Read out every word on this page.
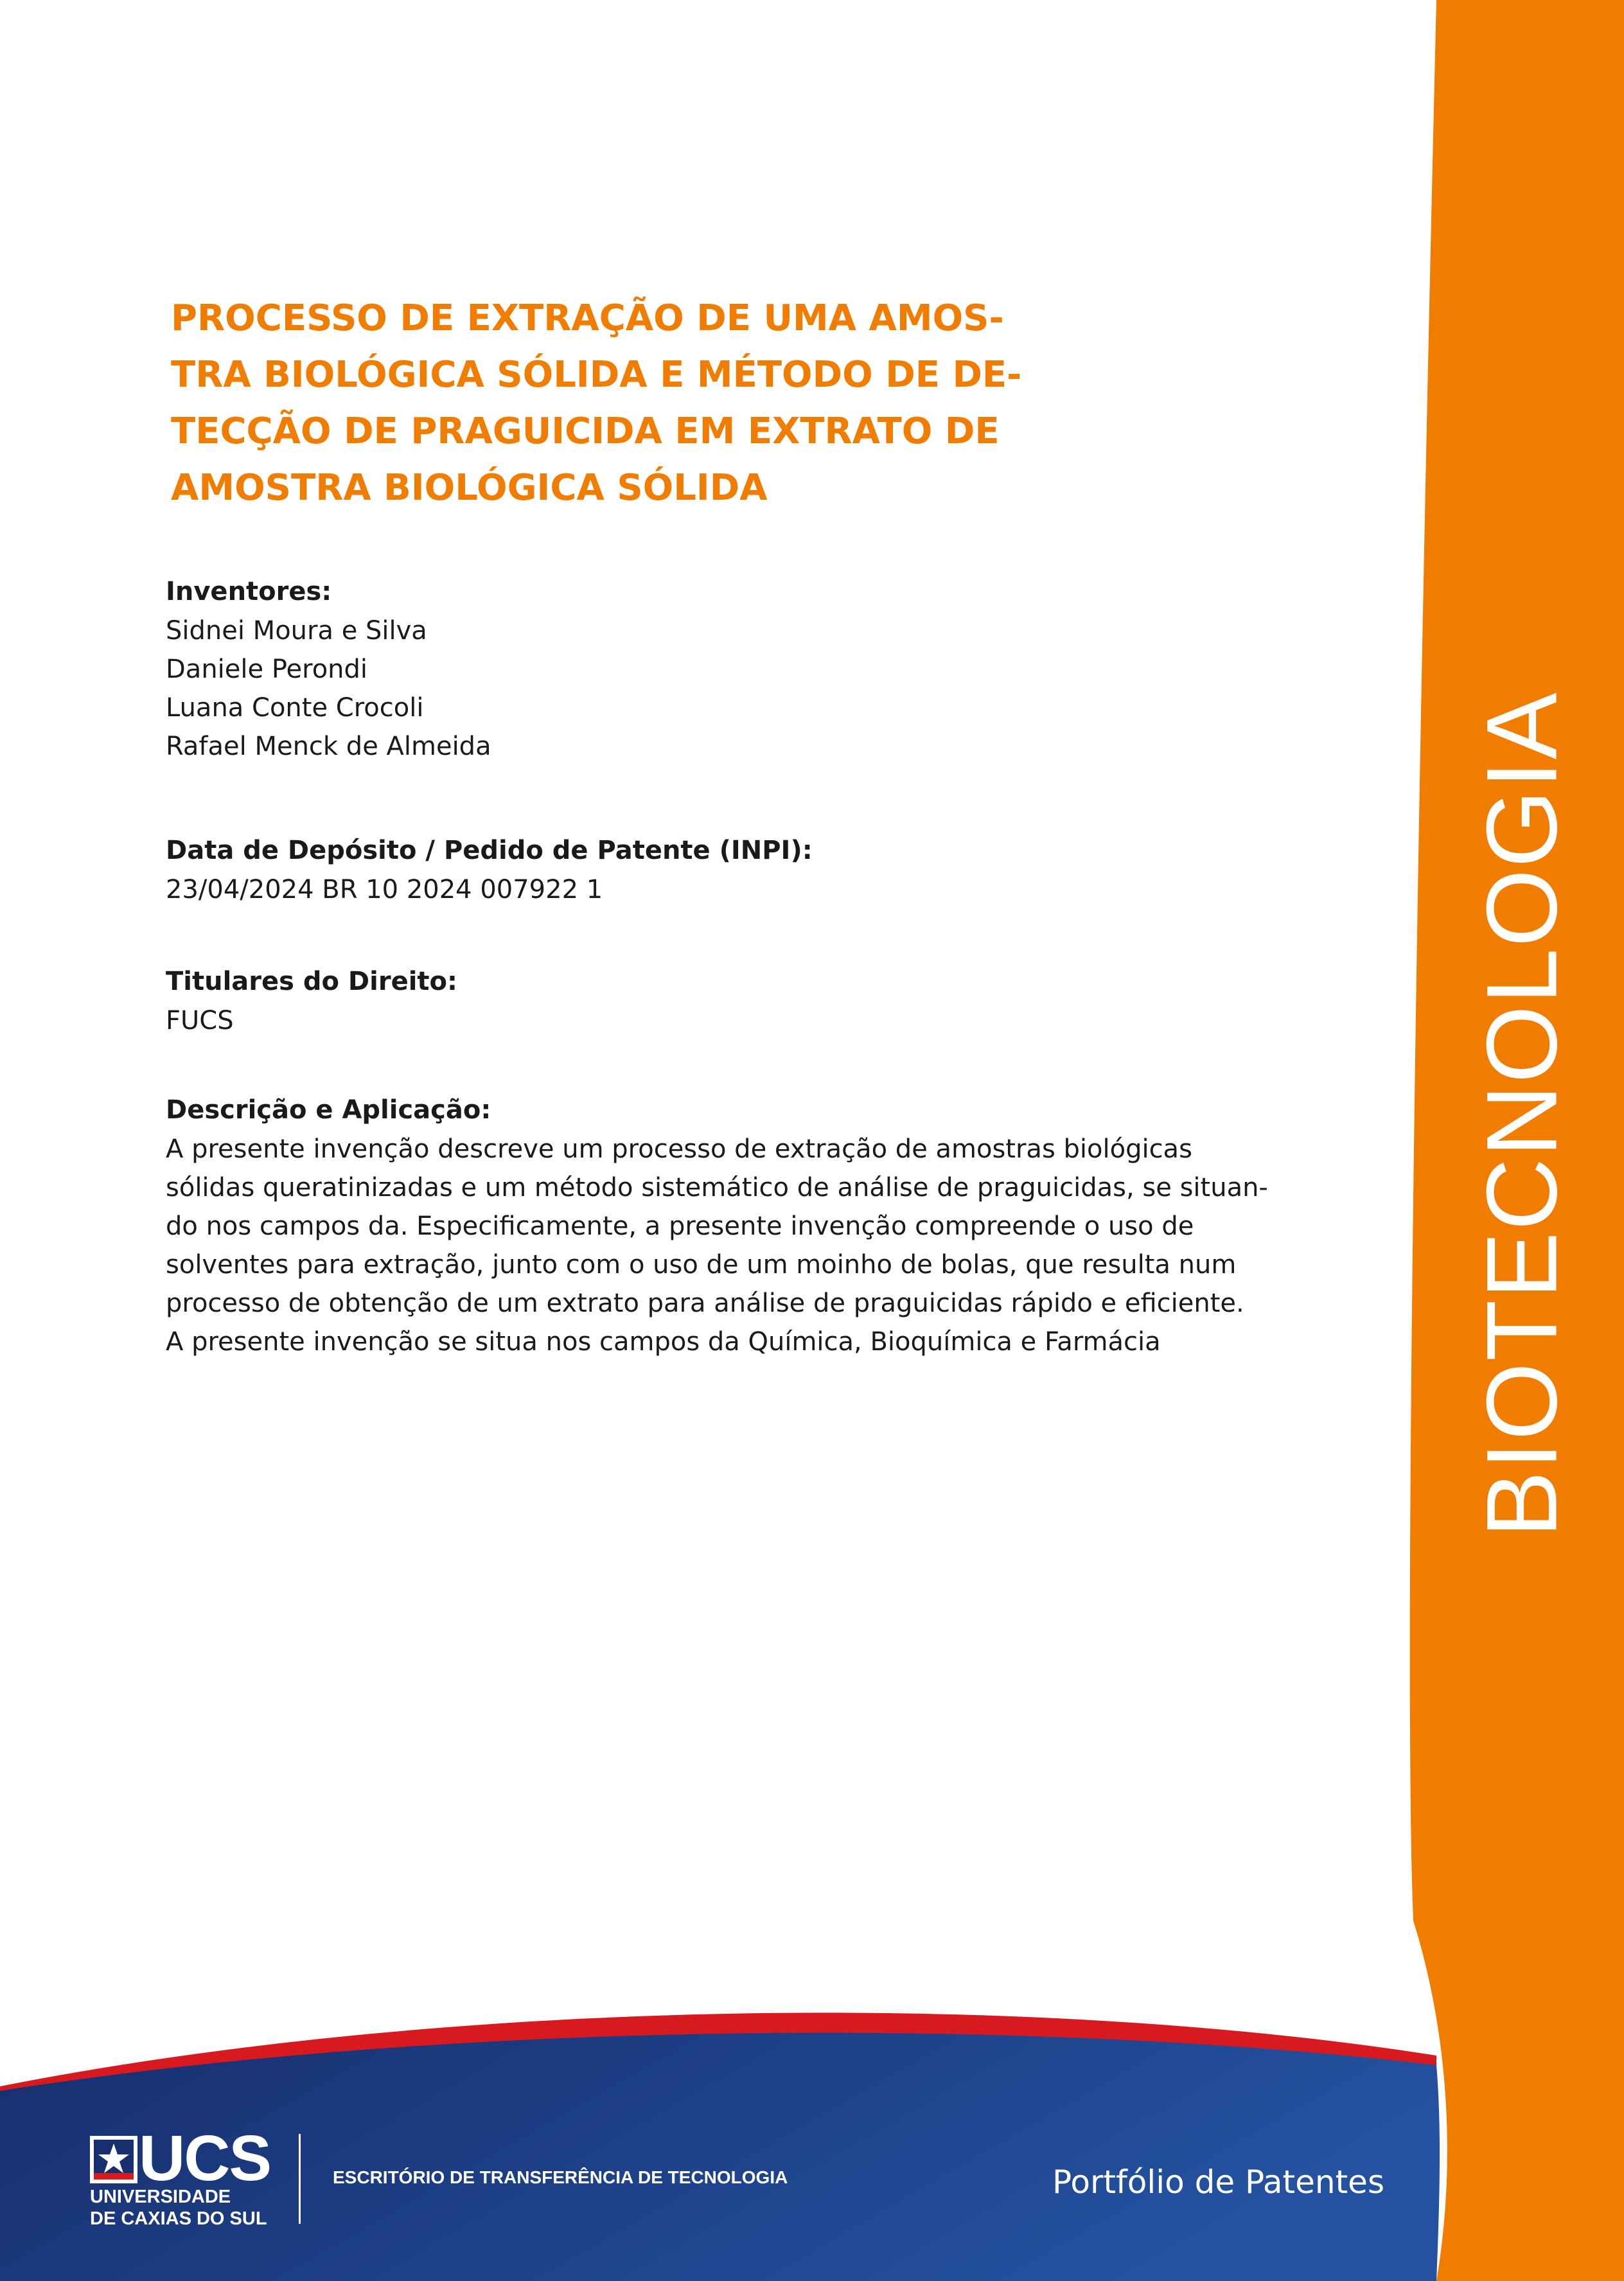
PROCESSO DE EXTRAÇÃO DE UMA AMOS-
TRA BIOLÓGICA SÓLIDA E MÉTODO DE DE-
TECÇÃO DE PRAGUICIDA EM EXTRATO DE
AMOSTRA BIOLÓGICA SÓLIDA

Inventores:

Sidnei Moura e Silva

Daniele Perondi

Luana Conte Crocoli

Rafael Menck de Almeida

Data de Depósito / Pedido de Patente (INPI):

23/04/2024 BR 10 2024 007922 1

Titulares do Direito:

FUCS

Descrição e Aplicação:

A presente invenção descreve um processo de extração de amostras biológicas
sólidas queratinizadas e um método sistemático de análise de praguicidas, se situan-
do nos campos da. Especificamente, a presente invenção compreende o uso de
solventes para extração, junto com o uso de um moinho de bolas, que resulta num
processo de obtenção de um extrato para análise de praguicidas rápido e eficiente.
A presente invenção se situa nos campos da Química, Bioquímica e Farmácia	BIOTECNOLOGIA
UCS
UNIVERSIDADE
DE CAXIAS DO SUL
ESCRITÓRIO DE TRANSFERÊNCIA DE TECNOLOGIA	Portfólio de Patentes
